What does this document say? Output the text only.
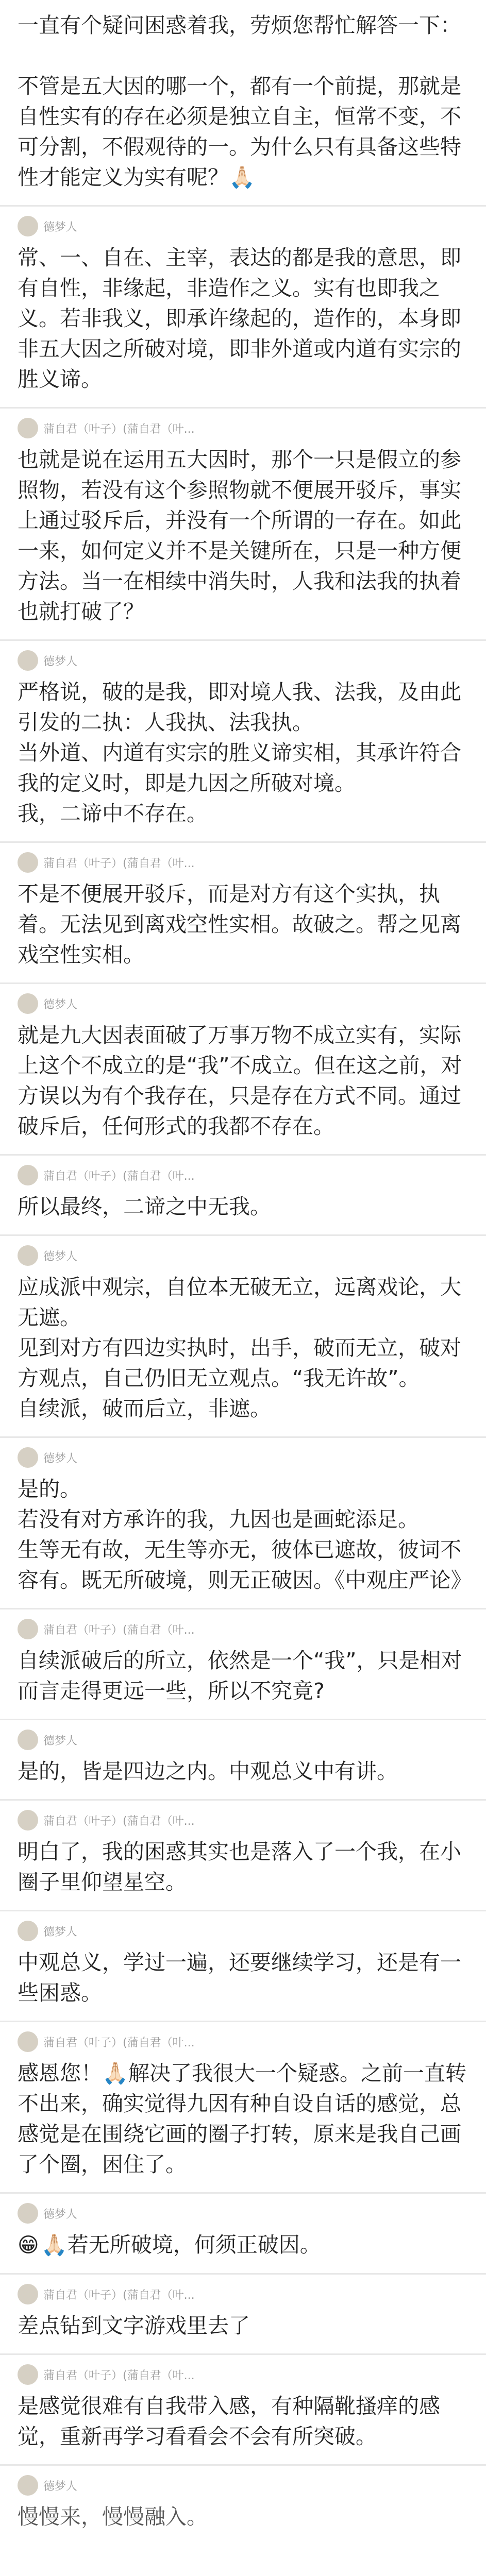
一直有个疑问困惑着我，劳烦您帮忙解答一下：

不管是五大因的哪一个，都有一个前提，那就是自性实有的存在必须是独立自主，恒常不变，不可分割，不假观待的一。为什么只有具备这些特性才能定义为实有呢？🙏🏻
德梦人
常、一、自在、主宰，表达的都是我的意思，即有自性，非缘起，非造作之义。实有也即我之义。若非我义，即承许缘起的，造作的，本身即非五大因之所破对境，即非外道或内道有实宗的胜义谛。
蒲自君（叶子）(蒲自君（叶...
也就是说在运用五大因时，那个一只是假立的参照物，若没有这个参照物就不便展开驳斥，事实上通过驳斥后，并没有一个所谓的一存在。如此一来，如何定义并不是关键所在，只是一种方便方法。当一在相续中消失时，人我和法我的执着也就打破了？
德梦人
严格说，破的是我，即对境人我、法我，及由此引发的二执：人我执、法我执。
当外道、内道有实宗的胜义谛实相，其承许符合我的定义时，即是九因之所破对境。
我，二谛中不存在。
蒲自君（叶子）(蒲自君（叶...
不是不便展开驳斥，而是对方有这个实执，执着。无法见到离戏空性实相。故破之。帮之见离戏空性实相。
德梦人
就是九大因表面破了万事万物不成立实有，实际上这个不成立的是“我”不成立。但在这之前，对方误以为有个我存在，只是存在方式不同。通过破斥后，任何形式的我都不存在。
蒲自君（叶子）(蒲自君（叶...
所以最终，二谛之中无我。
德梦人
应成派中观宗，自位本无破无立，远离戏论，大无遮。
见到对方有四边实执时，出手，破而无立，破对方观点，自己仍旧无立观点。“我无许故”。
自续派，破而后立，非遮。
德梦人
是的。
若没有对方承许的我，九因也是画蛇添足。
生等无有故，无生等亦无，彼体已遮故，彼词不容有。既无所破境，则无正破因。《中观庄严论》
蒲自君（叶子）(蒲自君（叶...
自续派破后的所立，依然是一个“我”，只是相对而言走得更远一些，所以不究竟?
德梦人
是的，皆是四边之内。中观总义中有讲。
蒲自君（叶子）(蒲自君（叶...
明白了，我的困惑其实也是落入了一个我，在小圈子里仰望星空。
德梦人
中观总义，学过一遍，还要继续学习，还是有一些困惑。
蒲自君（叶子）(蒲自君（叶...
感恩您！🙏🏻解决了我很大一个疑惑。之前一直转不出来，确实觉得九因有种自设自话的感觉，总感觉是在围绕它画的圈子打转，原来是我自己画了个圈，困住了。
德梦人
😁🙏🏻若无所破境，何须正破因。
蒲自君（叶子）(蒲自君（叶...
差点钻到文字游戏里去了
蒲自君（叶子）(蒲自君（叶...
是感觉很难有自我带入感，有种隔靴搔痒的感觉，重新再学习看看会不会有所突破。
德梦人
慢慢来，慢慢融入。
